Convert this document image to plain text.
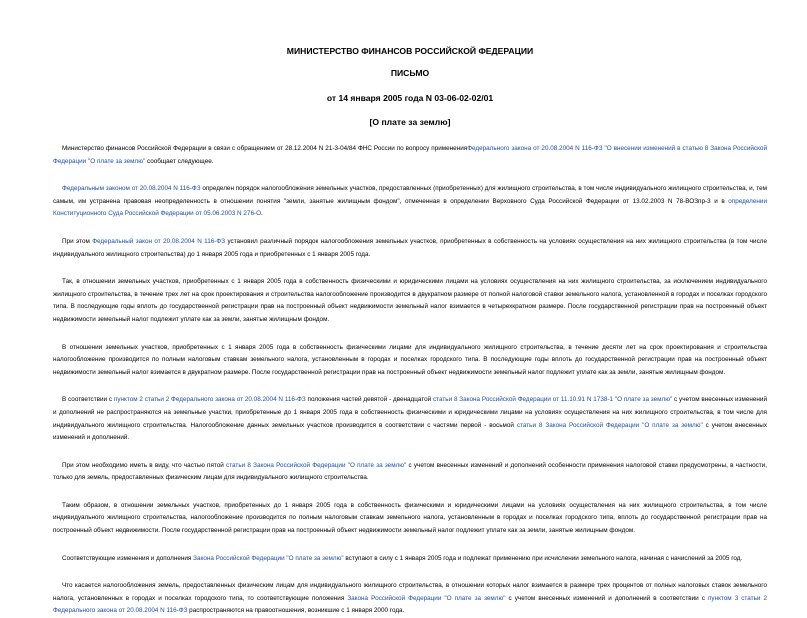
МИНИСТЕРСТВО ФИНАНСОВ РОССИЙСКОЙ ФЕДЕРАЦИИ
ПИСЬМО
от 14 января 2005 года N 03-06-02-02/01
[О плате за землю]

Министерство финансов Российской Федерации в связи с обращением от 28.12.2004 N 21-3-04/84 ФНС России по вопросу примененияФедерального закона от 20.08.2004 N 116-ФЗ "О внесении изменений в статью 8 Закона Российской Федерации "О плате за землю" сообщает следующее.

Федеральным законом от 20.08.2004 N 116-ФЗ определен порядок налогообложения земельных участков, предоставленных (приобретенных) для жилищного строительства, в том числе индивидуального жилищного строительства, и, тем самым, им устранена правовая неопределенность в отношении понятия "земли, занятые жилищным фондом", отмеченная в определении Верховного Суда Российской Федерации от 13.02.2003 N 78-ВОЗпр-3 и в определении Конституционного Суда Российской Федерации от 05.06.2003 N 276-О.

При этом Федеральный закон от 20.08.2004 N 116-ФЗ установил различный порядок налогообложения земельных участков, приобретенных в собственность на условиях осуществления на них жилищного строительства (в том числе индивидуального жилищного строительства) до 1 января 2005 года и приобретенных с 1 января 2005 года.

Так, в отношении земельных участков, приобретенных с 1 января 2005 года в собственность физическими и юридическими лицами на условиях осуществления на них жилищного строительства, за исключением индивидуального жилищного строительства, в течение трех лет на срок проектирования и строительства налогообложение производится в двукратном размере от полной налоговой ставки земельного налога, установленной в городах и поселках городского типа. В последующие годы вплоть до государственной регистрации прав на построенный объект недвижимости земельный налог взимается в четырехкратном размере. После государственной регистрации прав на построенный объект недвижимости земельный налог подлежит уплате как за земли, занятые жилищным фондом.

В отношении земельных участков, приобретенных с 1 января 2005 года в собственность физическими лицами для индивидуального жилищного строительства, в течение десяти лет на срок проектирования и строительства налогообложение производится по полным налоговым ставкам земельного налога, установленным в городах и поселках городского типа. В последующие годы вплоть до государственной регистрации прав на построенный объект недвижимости земельный налог взимается в двукратном размере. После государственной регистрации прав на построенный объект недвижимости земельный налог подлежит уплате как за земли, занятые жилищным фондом.

В соответствии с пунктом 2 статьи 2 Федерального закона от 20.08.2004 N 116-ФЗ положения частей девятой - двенадцатой статьи 8 Закона Российской Федерации от 11.10.91 N 1738-1 "О плате за землю" с учетом внесенных изменений и дополнений не распространяются на земельные участки, приобретенные до 1 января 2005 года в собственность физическими и юридическими лицами на условиях осуществления на них жилищного строительства, в том числе для индивидуального жилищного строительства. Налогообложение данных земельных участков производится в соответствии с частями первой - восьмой статьи 8 Закона Российской Федерации "О плате за землю" с учетом внесенных изменений и дополнений.

При этом необходимо иметь в виду, что частью пятой статьи 8 Закона Российской Федерации "О плате за землю" с учетом внесенных изменений и дополнений особенности применения налоговой ставки предусмотрены, в частности, только для земель, предоставленных физическим лицам для индивидуального жилищного строительства.

Таким образом, в отношении земельных участков, приобретенных до 1 января 2005 года в собственность физическими и юридическими лицами на условиях осуществления на них жилищного строительства, в том числе индивидуального жилищного строительства, налогообложение производится по полным налоговым ставкам земельного налога, установленным в городах и поселках городского типа, вплоть до государственной регистрации прав на построенный объект недвижимости. После государственной регистрации прав на построенный объект недвижимости земельный налог подлежит уплате как за земли, занятые жилищным фондом.

Соответствующие изменения и дополнения Закона Российской Федерации "О плате за землю" вступают в силу с 1 января 2005 года и подлежат применению при исчислении земельного налога, начиная с начислений за 2005 год.

Что касается налогообложения земель, предоставленных физическим лицам для индивидуального жилищного строительства, в отношении которых налог взимается в размере трех процентов от полных налоговых ставок земельного налога, установленных в городах и поселках городского типа, то соответствующие положения Закона Российской Федерации "О плате за землю" с учетом внесенных изменений и дополнений в соответствии с пунктом 3 статьи 2 Федерального закона от 20.08.2004 N 116-ФЗ распространяются на правоотношения, возникшие с 1 января 2000 года.
